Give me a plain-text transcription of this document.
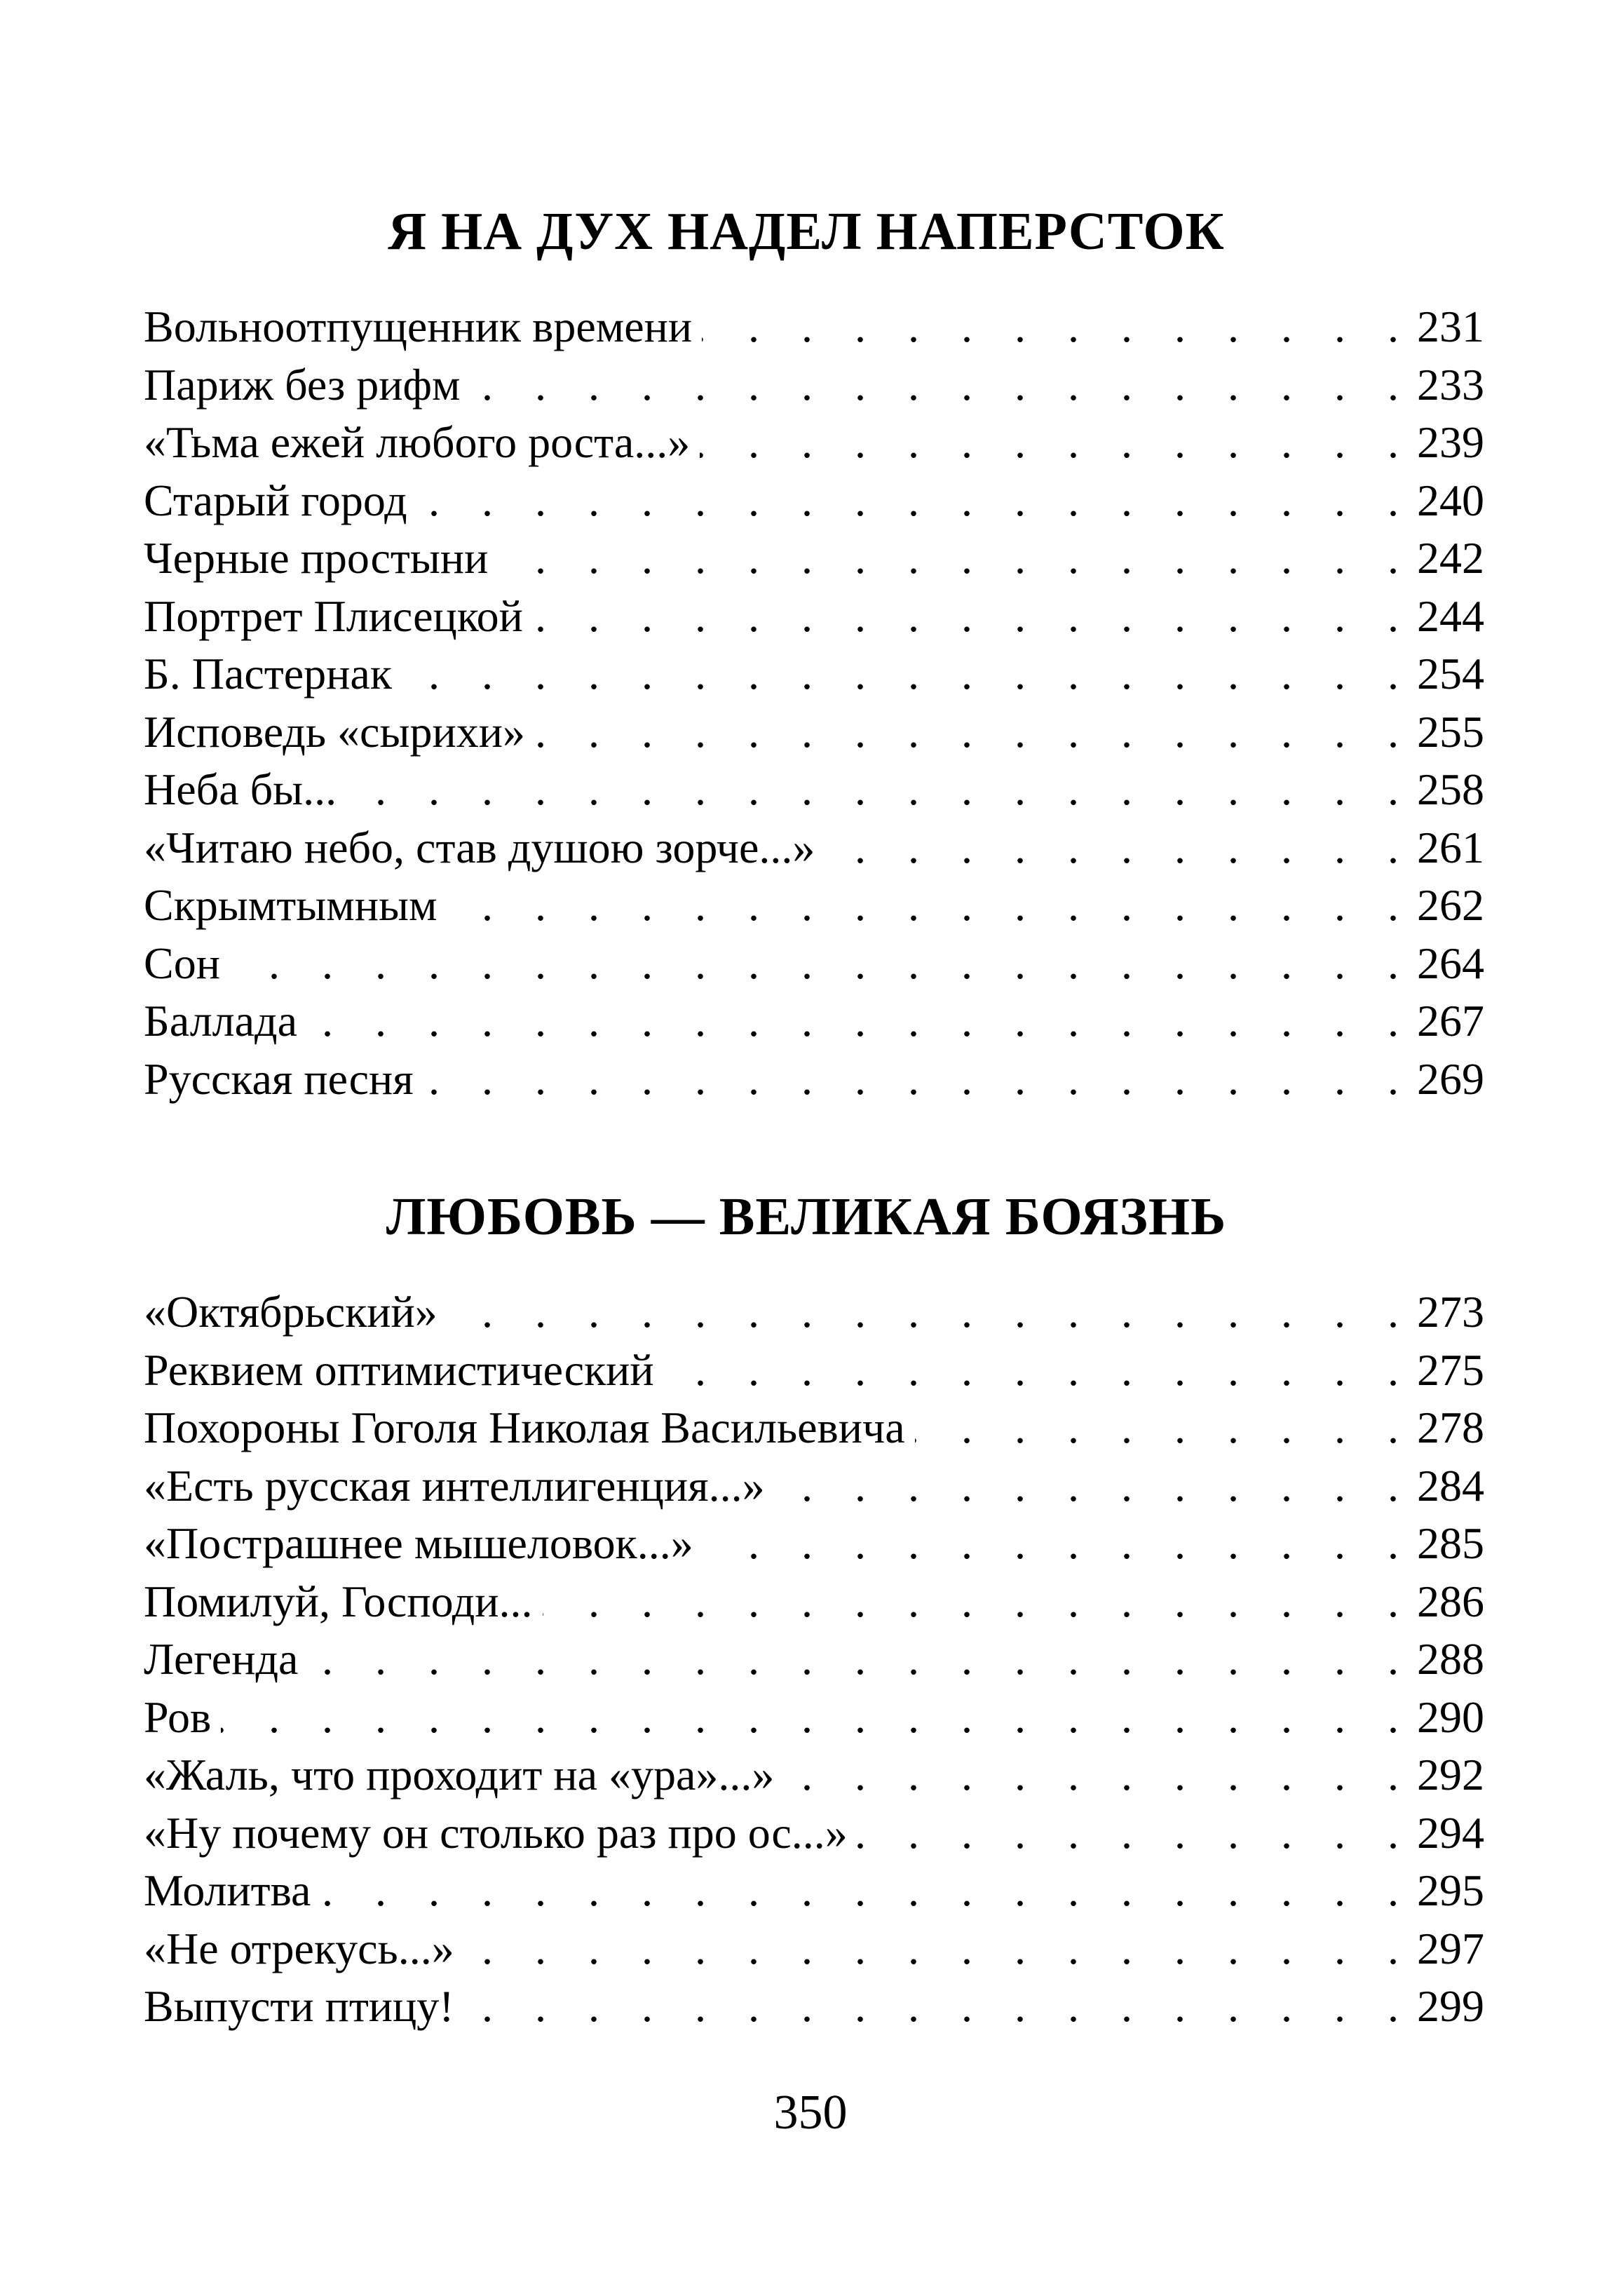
Я НА ДУХ НАДЕЛ НАПЕРСТОК
Вольноотпущенник времени . . .	231
Париж без рифм . . .	233
«Тьма ежей любого роста...» . . .	239
Старый город . . .	240
Черные простыни . . .	242
Портрет Плисецкой . . .	244
Б. Пастернак . . .	254
Исповедь «сырихи» . . .	255
Неба бы... . . .	258
«Читаю небо, став душою зорче...» . . .	261
Скрымтымным . . .	262
Сон . . .	264
Баллада . . .	267
Русская песня . . .	269
ЛЮБОВЬ — ВЕЛИКАЯ БОЯЗНЬ
«Октябрьский» . . .	273
Реквием оптимистический . . .	275
Похороны Гоголя Николая Васильевича . . .	278
«Есть русская интеллигенция...» . . .	284
«Пострашнее мышеловок...» . . .	285
Помилуй, Господи... . . .	286
Легенда . . .	288
Ров . . .	290
«Жаль, что проходит на «ура»...» . . .	292
«Ну почему он столько раз про ос...» . . .	294
Молитва . . .	295
«Не отрекусь...» . . .	297
Выпусти птицу! . . .	299
350
